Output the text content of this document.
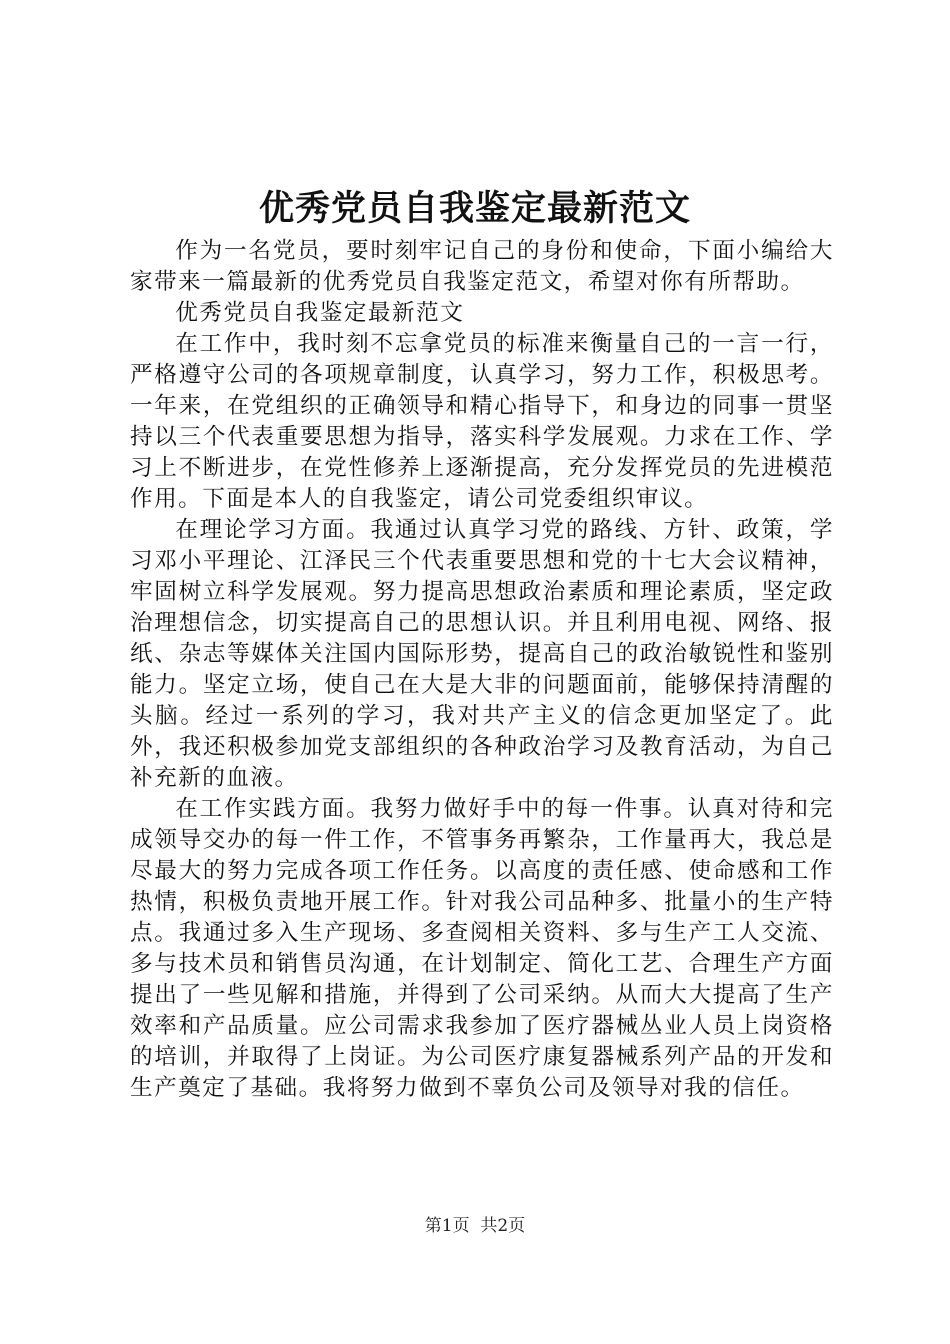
优秀党员自我鉴定最新范文

作为一名党员，要时刻牢记自己的身份和使命，下面小编给大家带来一篇最新的优秀党员自我鉴定范文，希望对你有所帮助。

优秀党员自我鉴定最新范文

在工作中，我时刻不忘拿党员的标准来衡量自己的一言一行，严格遵守公司的各项规章制度，认真学习，努力工作，积极思考。一年来，在党组织的正确领导和精心指导下，和身边的同事一贯坚持以三个代表重要思想为指导，落实科学发展观。力求在工作、学习上不断进步，在党性修养上逐渐提高，充分发挥党员的先进模范作用。下面是本人的自我鉴定，请公司党委组织审议。

在理论学习方面。我通过认真学习党的路线、方针、政策，学习邓小平理论、江泽民三个代表重要思想和党的十七大会议精神，牢固树立科学发展观。努力提高思想政治素质和理论素质，坚定政治理想信念，切实提高自己的思想认识。并且利用电视、网络、报纸、杂志等媒体关注国内国际形势，提高自己的政治敏锐性和鉴别能力。坚定立场，使自己在大是大非的问题面前，能够保持清醒的头脑。经过一系列的学习，我对共产主义的信念更加坚定了。此外，我还积极参加党支部组织的各种政治学习及教育活动，为自己补充新的血液。

在工作实践方面。我努力做好手中的每一件事。认真对待和完成领导交办的每一件工作，不管事务再繁杂，工作量再大，我总是尽最大的努力完成各项工作任务。以高度的责任感、使命感和工作热情，积极负责地开展工作。针对我公司品种多、批量小的生产特点。我通过多入生产现场、多查阅相关资料、多与生产工人交流、多与技术员和销售员沟通，在计划制定、简化工艺、合理生产方面提出了一些见解和措施，并得到了公司采纳。从而大大提高了生产效率和产品质量。应公司需求我参加了医疗器械丛业人员上岗资格的培训，并取得了上岗证。为公司医疗康复器械系列产品的开发和生产奠定了基础。我将努力做到不辜负公司及领导对我的信任。

第1页  共2页
